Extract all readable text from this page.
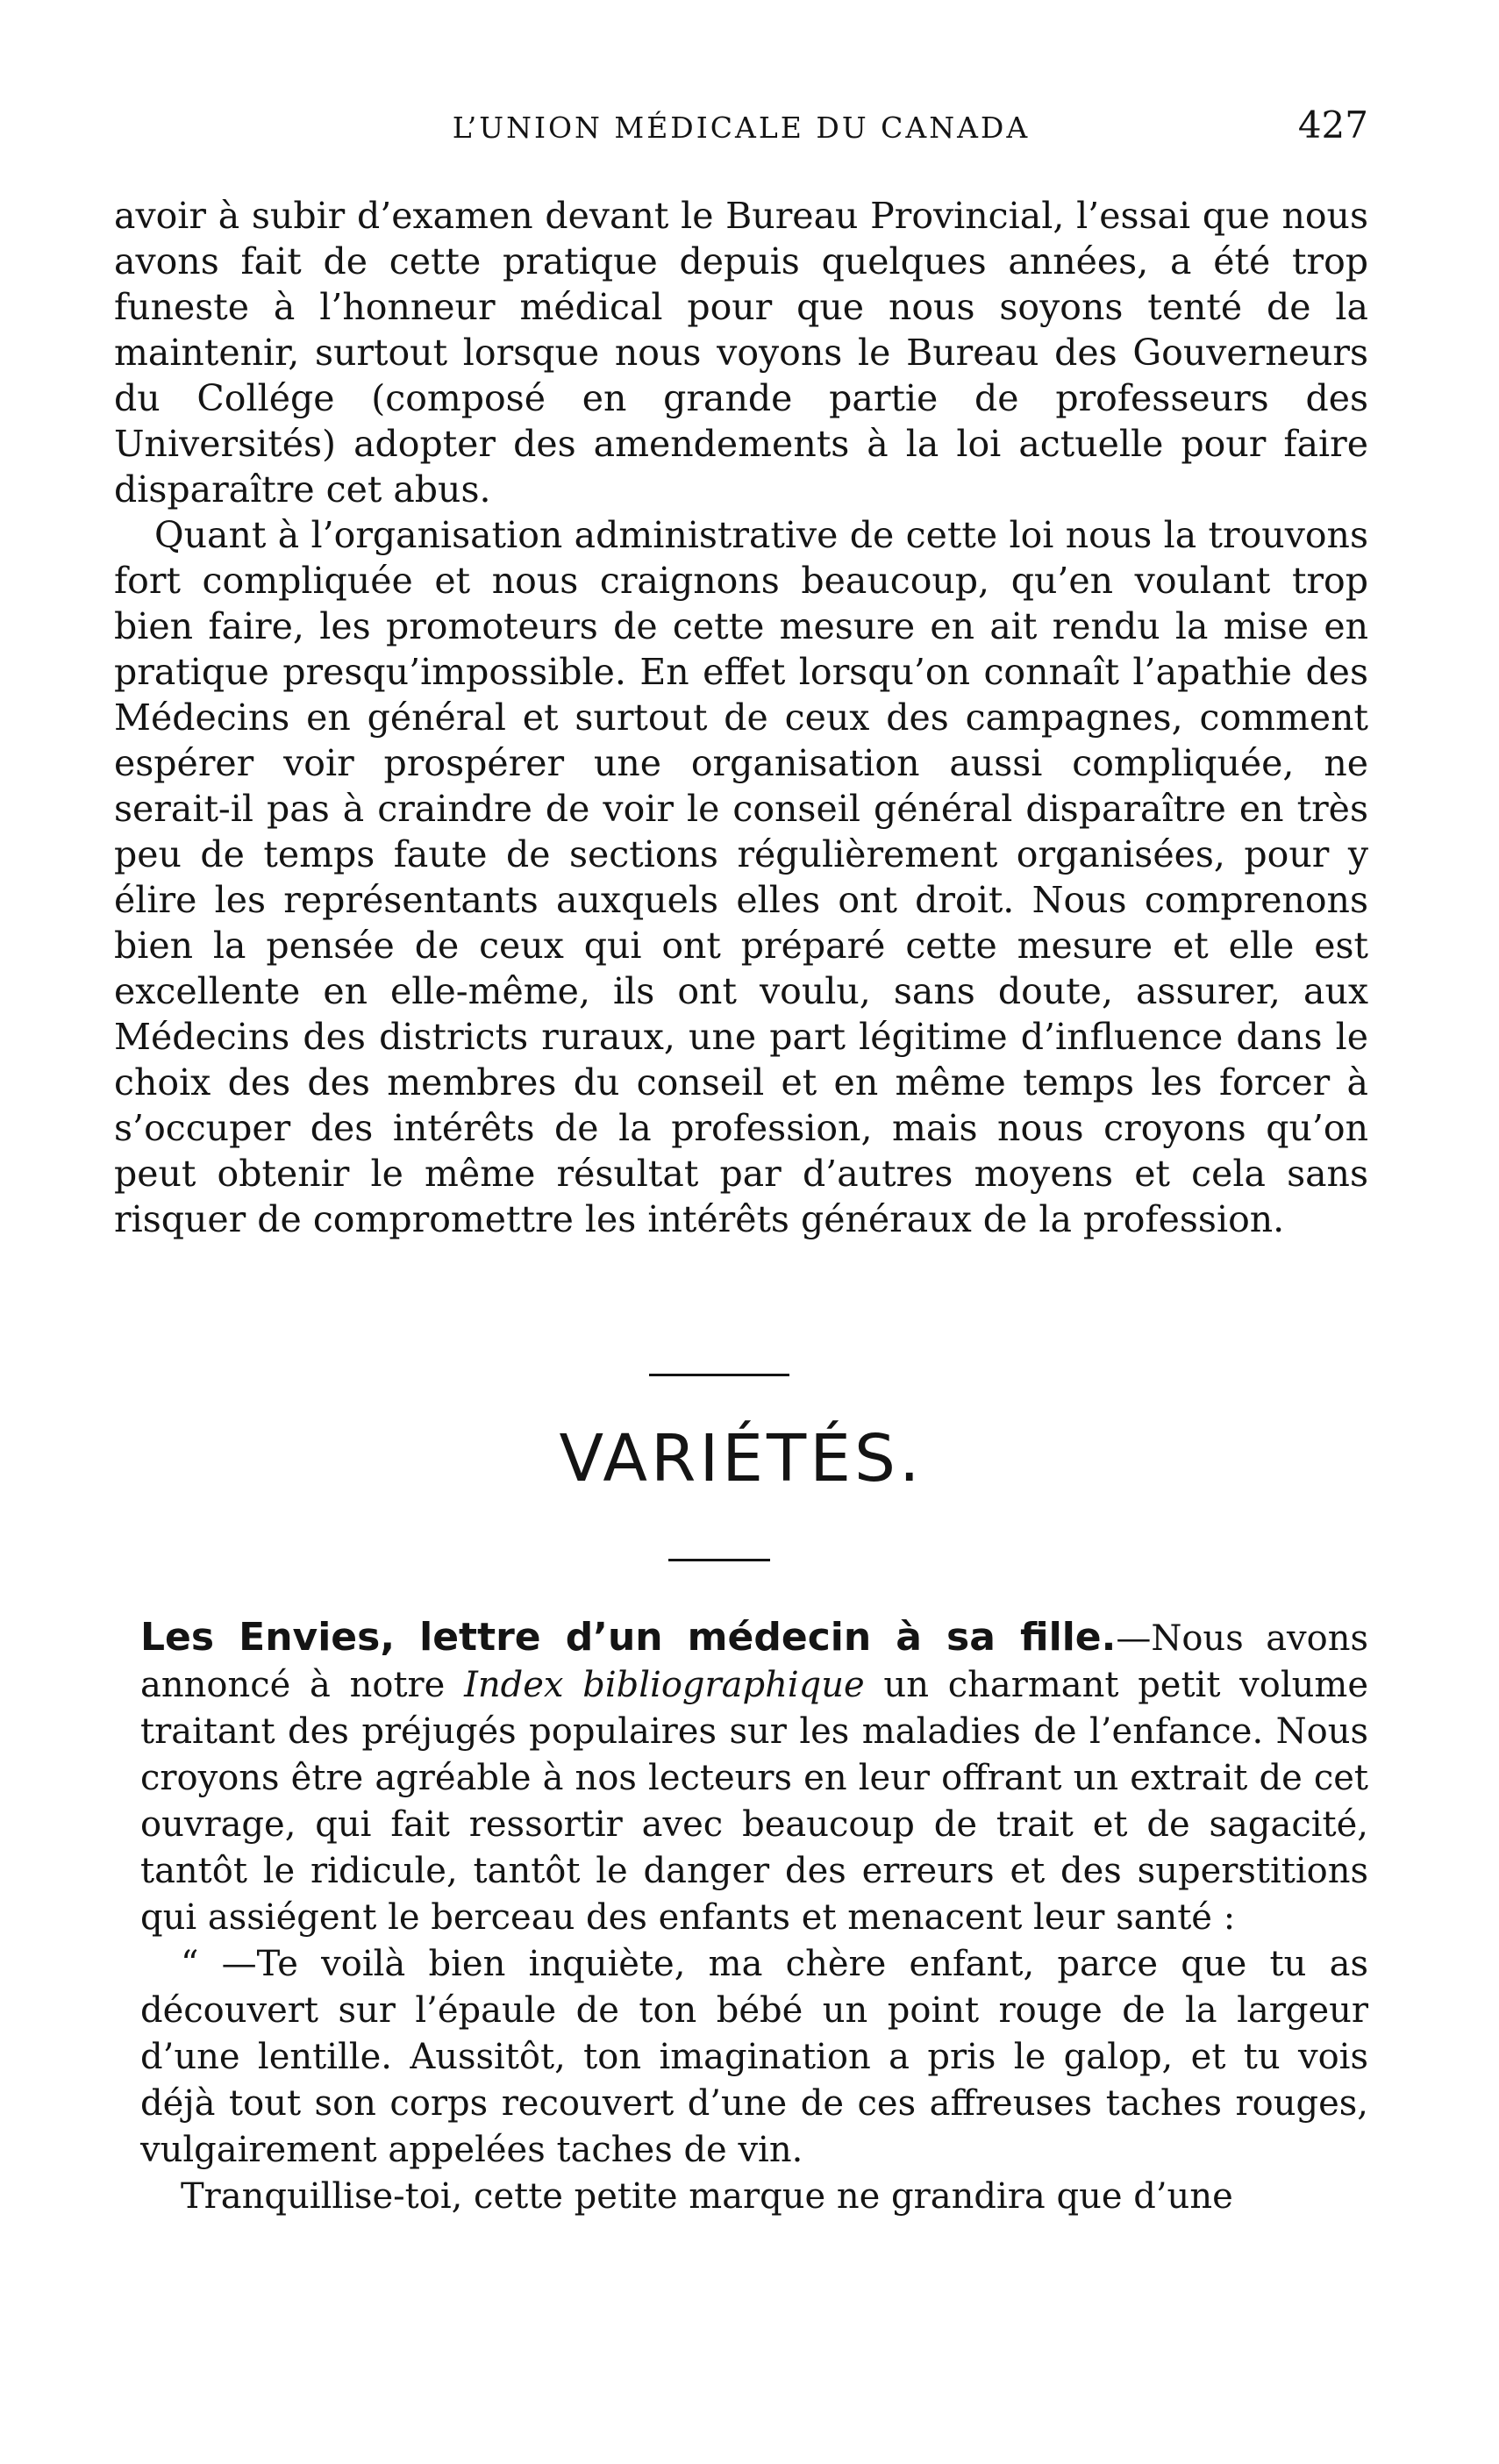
L’UNION MÉDICALE DU CANADA	427

avoir à subir d’examen devant le Bureau Provincial, l’essai que nous avons fait de cette pratique depuis quelques années, a été trop funeste à l’honneur médical pour que nous soyons tenté de la maintenir, surtout lorsque nous voyons le Bureau des Gouverneurs du Collége (composé en grande partie de professeurs des Universités) adopter des amendements à la loi actuelle pour faire disparaître cet abus.

Quant à l’organisation administrative de cette loi nous la trouvons fort compliquée et nous craignons beaucoup, qu’en voulant trop bien faire, les promoteurs de cette mesure en ait rendu la mise en pratique presqu’impossible. En effet lorsqu’on connaît l’apathie des Médecins en général et surtout de ceux des campagnes, comment espérer voir prospérer une organisation aussi compliquée, ne serait-il pas à craindre de voir le conseil général disparaître en très peu de temps faute de sections régulièrement organisées, pour y élire les représentants auxquels elles ont droit. Nous comprenons bien la pensée de ceux qui ont préparé cette mesure et elle est excellente en elle-même, ils ont voulu, sans doute, assurer, aux Médecins des districts ruraux, une part légitime d’influence dans le choix des des membres du conseil et en même temps les forcer à s’occuper des intérêts de la profession, mais nous croyons qu’on peut obtenir le même résultat par d’autres moyens et cela sans risquer de compromettre les intérêts généraux de la profession.

VARIÉTÉS.

Les Envies, lettre d’un médecin à sa fille.—Nous avons annoncé à notre Index bibliographique un charmant petit volume traitant des préjugés populaires sur les maladies de l’enfance. Nous croyons être agréable à nos lecteurs en leur offrant un extrait de cet ouvrage, qui fait ressortir avec beaucoup de trait et de sagacité, tantôt le ridicule, tantôt le danger des erreurs et des superstitions qui assiégent le berceau des enfants et menacent leur santé :

“ —Te voilà bien inquiète, ma chère enfant, parce que tu as découvert sur l’épaule de ton bébé un point rouge de la largeur d’une lentille. Aussitôt, ton imagination a pris le galop, et tu vois déjà tout son corps recouvert d’une de ces affreuses taches rouges, vulgairement appelées taches de vin.

Tranquillise-toi, cette petite marque ne grandira que d’une
